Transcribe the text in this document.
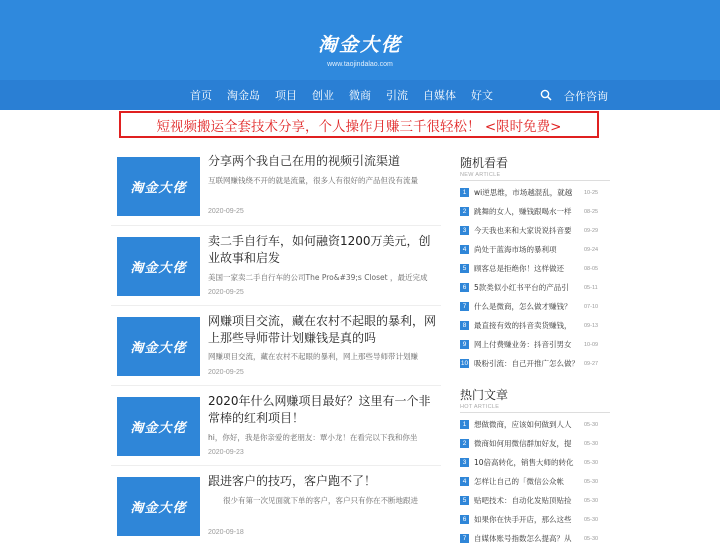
淘金大佬
www.taojindalao.com
首页 淘金岛 项目 创业 微商 引流 自媒体 好文	合作咨询
短视频搬运全套技术分享，个人操作月赚三千很轻松！ <限时免费>
淘金大佬
分享两个我自己在用的视频引流渠道
互联网赚钱绕不开的就是流量，很多人有很好的产品但没有流量
2020-09-25
淘金大佬
卖二手自行车，如何融资1200万美元，创业故事和启发
美国一家卖二手自行车的公司The Pro&#39;s Closet ，最近完成
2020-09-25
淘金大佬
网赚项目交流，藏在农村不起眼的暴利，网上那些导师带计划赚钱是真的吗
网赚项目交流，藏在农村不起眼的暴利，网上那些导师带计划赚
2020-09-25
淘金大佬
2020年什么网赚项目最好？这里有一个非常棒的红利项目！
hi，你好，我是你亲爱的老朋友：覃小龙！在看完以下我和你坐
2020-09-23
淘金大佬
跟进客户的技巧，客户跑不了！
很少有第一次见面就下单的客户，客户只有你在不断地跟进
2020-09-18
随机看看
NEW ARTICLE
1	wi逆思维，市场越混乱，就越	10-25
2	跳舞的女人，赚钱跟喝水一样	08-25
3	今天我也来和大家说说抖音要	09-29
4	尚处于蓝海市场的暴利项	09-24
5	顾客总是拒绝你！这样做还	08-05
6	5款类似小红书平台的产品引	05-11
7	什么是微商，怎么做才赚钱？	07-10
8	最直接有效的抖音卖货赚钱，	09-13
9	网上付费赚业务：抖音引男女	10-09
10 吸粉引流：自己开推广怎么做？ 09-27
热门文章
HOT ARTICLE
1	想做微商，应该如何做到人人	05-30
2	微商如何用微信群加好友，提	05-30
3	10倍高转化，销售大师的转化	05-30
4	怎样让自己的「微信公众帐	05-30
5	贴吧技术：自动化发贴顶贴捡	05-30
6	如果你在快手开店，那么这些	05-30
7	自媒体账号指数怎么提高？从	05-30
